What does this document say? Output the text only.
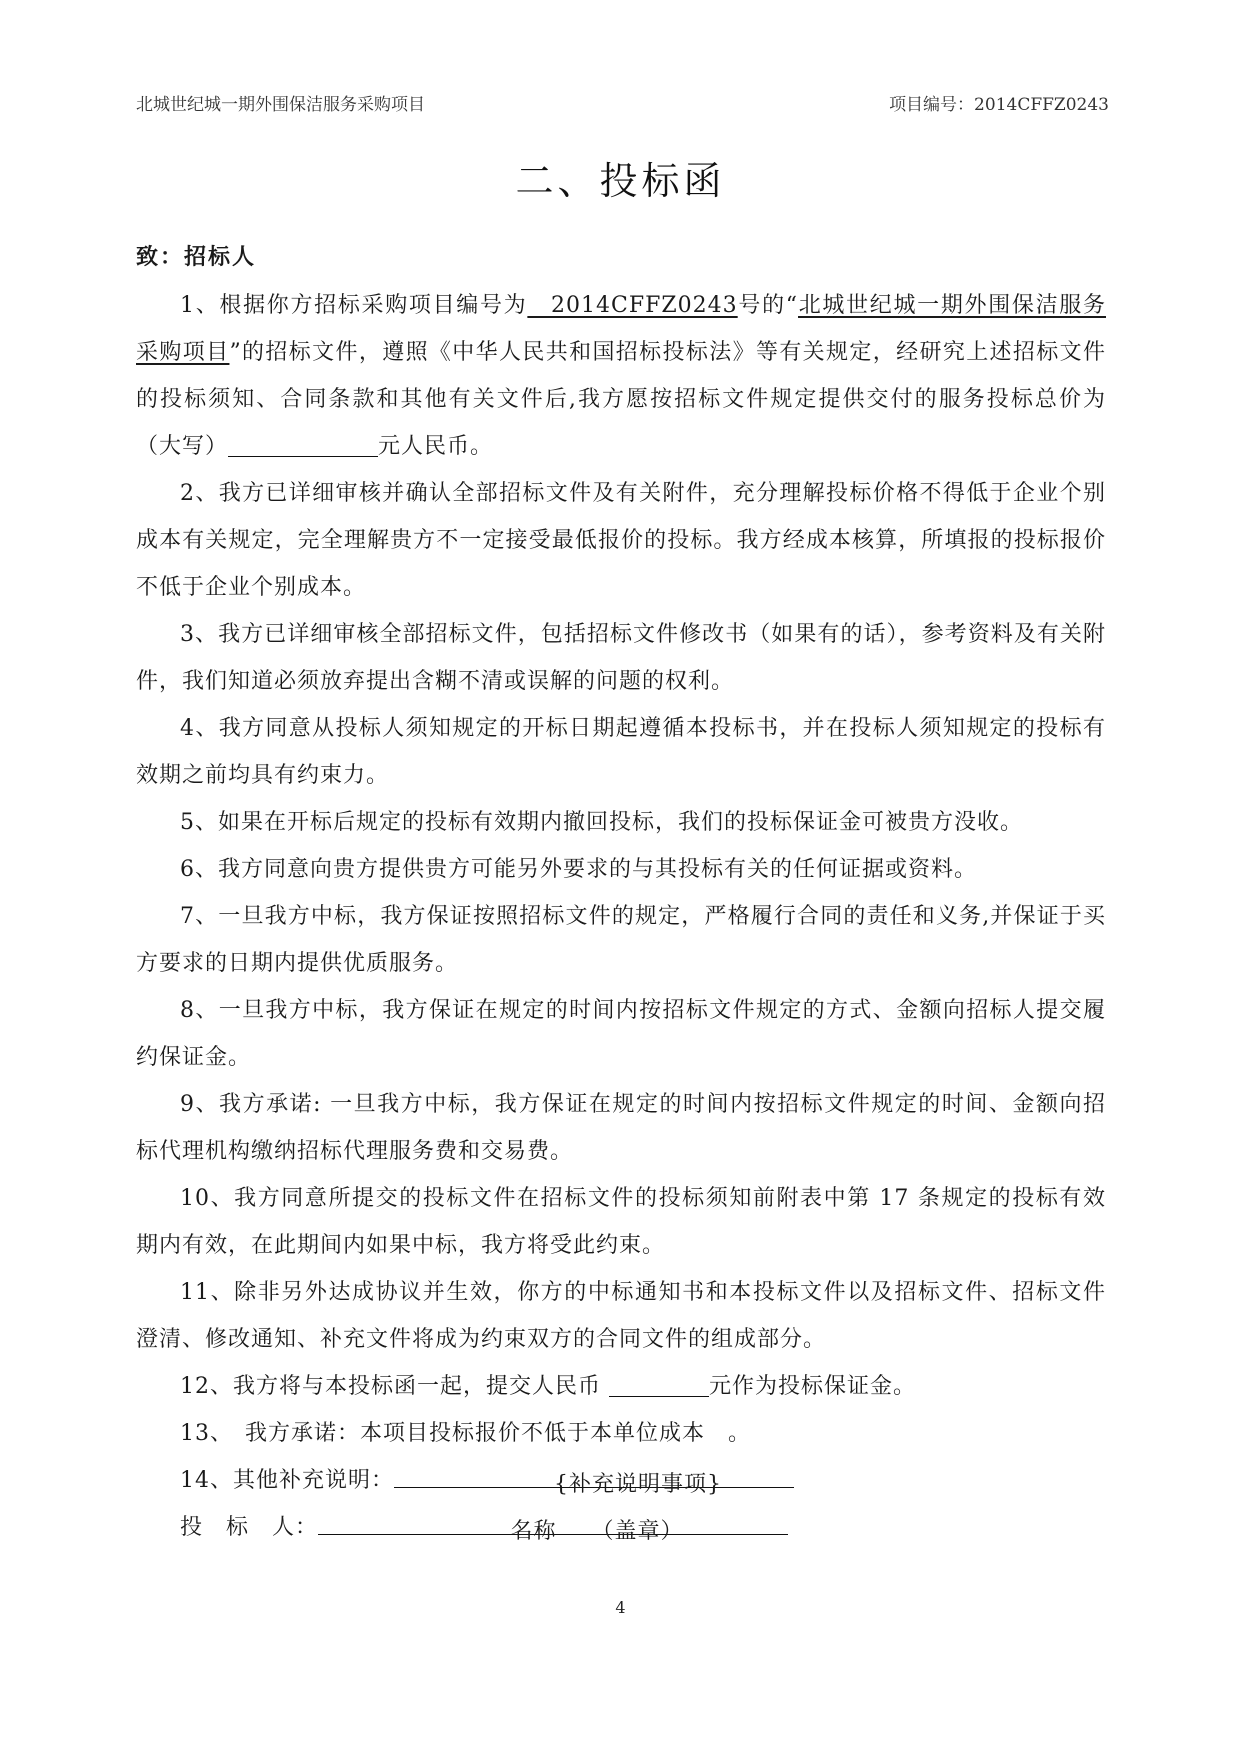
北城世纪城一期外围保洁服务采购项目	项目编号：2014CFFZ0243
二、投标函
致：招标人

1、根据你方招标采购项目编号为　2014CFFZ0243号的“北城世纪城一期外围保洁服务采购项目”的招标文件，遵照《中华人民共和国招标投标法》等有关规定，经研究上述招标文件的投标须知、合同条款和其他有关文件后,我方愿按招标文件规定提供交付的服务投标总价为（大写）	元人民币。

2、我方已详细审核并确认全部招标文件及有关附件，充分理解投标价格不得低于企业个别成本有关规定，完全理解贵方不一定接受最低报价的投标。我方经成本核算，所填报的投标报价不低于企业个别成本。

3、我方已详细审核全部招标文件，包括招标文件修改书（如果有的话），参考资料及有关附件，我们知道必须放弃提出含糊不清或误解的问题的权利。

4、我方同意从投标人须知规定的开标日期起遵循本投标书，并在投标人须知规定的投标有效期之前均具有约束力。

5、如果在开标后规定的投标有效期内撤回投标，我们的投标保证金可被贵方没收。

6、我方同意向贵方提供贵方可能另外要求的与其投标有关的任何证据或资料。

7、一旦我方中标，我方保证按照招标文件的规定，严格履行合同的责任和义务,并保证于买方要求的日期内提供优质服务。

8、一旦我方中标，我方保证在规定的时间内按招标文件规定的方式、金额向招标人提交履约保证金。

9、我方承诺: 一旦我方中标，我方保证在规定的时间内按招标文件规定的时间、金额向招标代理机构缴纳招标代理服务费和交易费。

10、我方同意所提交的投标文件在招标文件的投标须知前附表中第 17 条规定的投标有效期内有效，在此期间内如果中标，我方将受此约束。

11、除非另外达成协议并生效，你方的中标通知书和本投标文件以及招标文件、招标文件澄清、修改通知、补充文件将成为约束双方的合同文件的组成部分。

12、我方将与本投标函一起，提交人民币	元作为投标保证金。

13、　我方承诺：本项目投标报价不低于本单位成本　。

14、其他补充说明：	{补充说明事项}

投　标　人：	名称　　（盖章）

4
